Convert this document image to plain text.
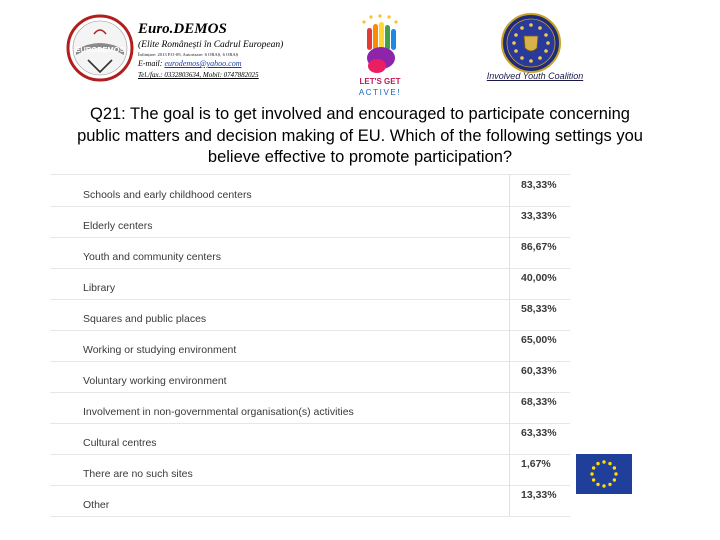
EURODEMOS
Euro.DEMOS
(Elite Românești în Cadrul European)
Înființare: 2013 P.O-09, Autorizare: 6 ORAȘ, 6 ORAȘ
E-mail: eurodemos@yahoo.com
Tel./fax.: 0332803634, Mobil: 0747882025
LET'S GET
ACTIVE!
Involved Youth Coalition
Q21: The goal is to get involved and encouraged to participate concerning
public matters and decision making of EU. Which of the following settings you
believe effective to promote participation?
Schools and early childhood centers
83,33%
Elderly centers
33,33%
Youth and community centers
86,67%
Library
40,00%
Squares and public places
58,33%
Working or studying environment
65,00%
Voluntary working environment
60,33%
Involvement in non-governmental organisation(s) activities
68,33%
Cultural centres
63,33%
There are no such sites
1,67%
Other
13,33%
